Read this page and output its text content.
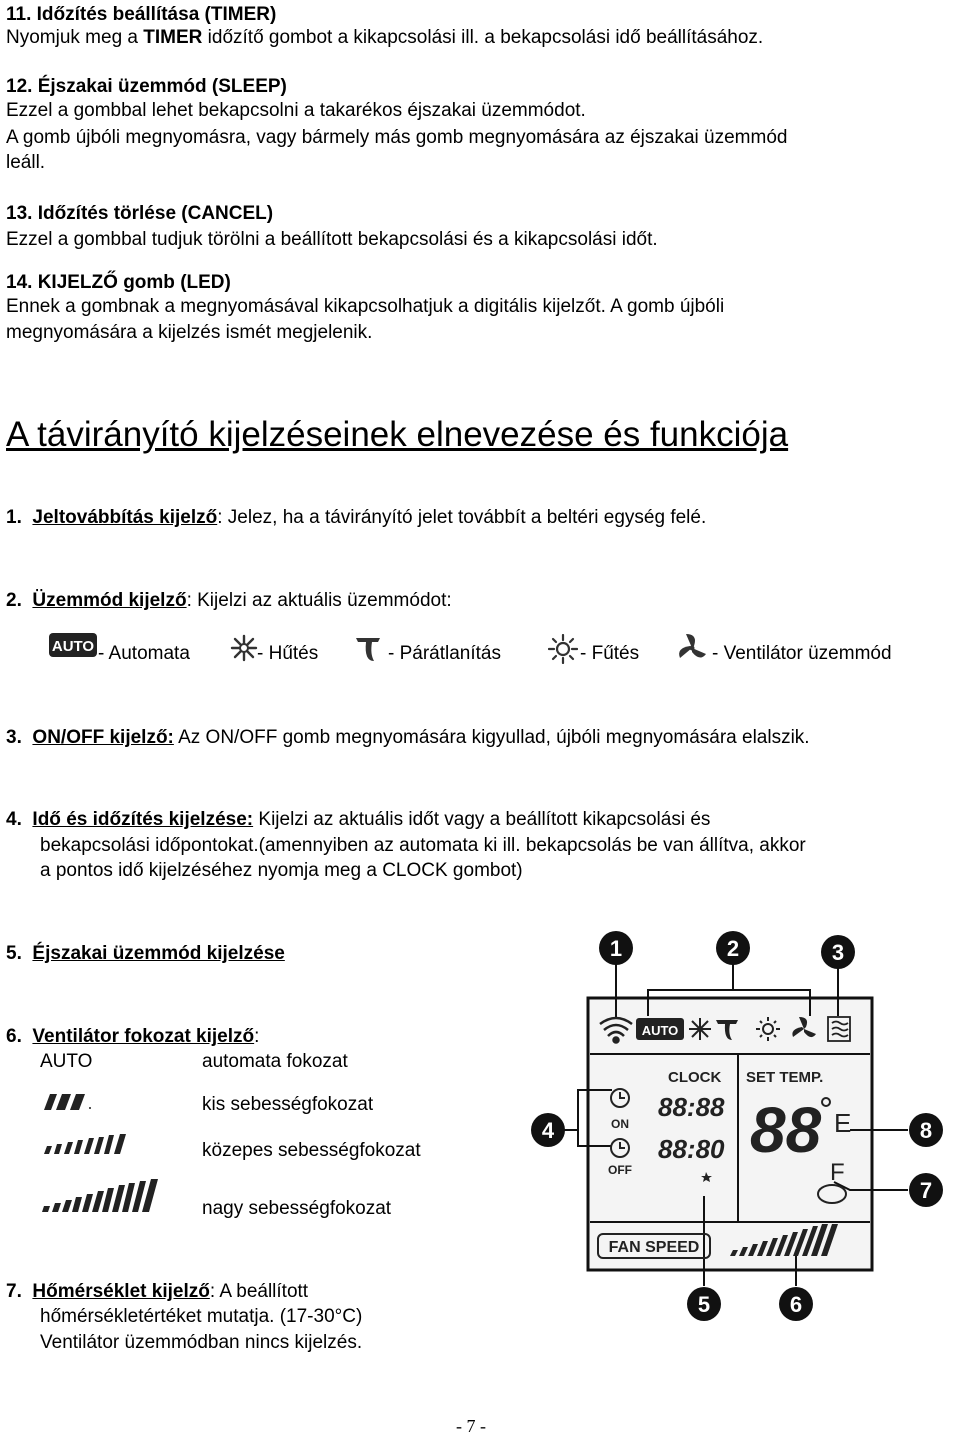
11. Időzítés beállítása (TIMER)
Nyomjuk meg a TIMER időzítő gombot a kikapcsolási ill. a bekapcsolási idő beállításához.
12. Éjszakai üzemmód (SLEEP)
Ezzel a gombbal lehet bekapcsolni a takarékos éjszakai üzemmódot.
A gomb újbóli megnyomásra, vagy bármely más gomb megnyomására az éjszakai üzemmód
leáll.
13. Időzítés törlése (CANCEL)
Ezzel a gombbal tudjuk törölni a beállított bekapcsolási és a kikapcsolási időt.
14. KIJELZŐ gomb (LED)
Ennek a gombnak a megnyomásával kikapcsolhatjuk a digitális kijelzőt. A gomb újbóli
megnyomására a kijelzés ismét megjelenik.
A távirányító kijelzéseinek elnevezése és funkciója
1. Jeltovábbítás kijelző: Jelez, ha a távirányító jelet továbbít a beltéri egység felé.
2. Üzemmód kijelző: Kijelzi az aktuális üzemmódot:
AUTO - Automata	- Hűtés	- Párátlanítás	- Fűtés	- Ventilátor üzemmód
3. ON/OFF kijelző: Az ON/OFF gomb megnyomására kigyullad, újbóli megnyomására elalszik.
4. Idő és időzítés kijelzése: Kijelzi az aktuális időt vagy a beállított kikapcsolási és
bekapcsolási időpontokat.(amennyiben az automata ki ill. bekapcsolás be van állítva, akkor
a pontos idő kijelzéséhez nyomja meg a CLOCK gombot)
5. Éjszakai üzemmód kijelzése
6. Ventilátor fokozat kijelző:
AUTO	automata fokozat
kis sebességfokozat
közepes sebességfokozat
nagy sebességfokozat
7. Hőmérséklet kijelző: A beállított
hőmérsékletértéket mutatja. (17-30°C)
Ventilátor üzemmódban nincs kijelzés.
1	2	3
4
5	6
7
8
AUTO
CLOCK
ON
OFF
88:88
88:80
SET TEMP.
88 E
F
FAN SPEED
- 7 -
